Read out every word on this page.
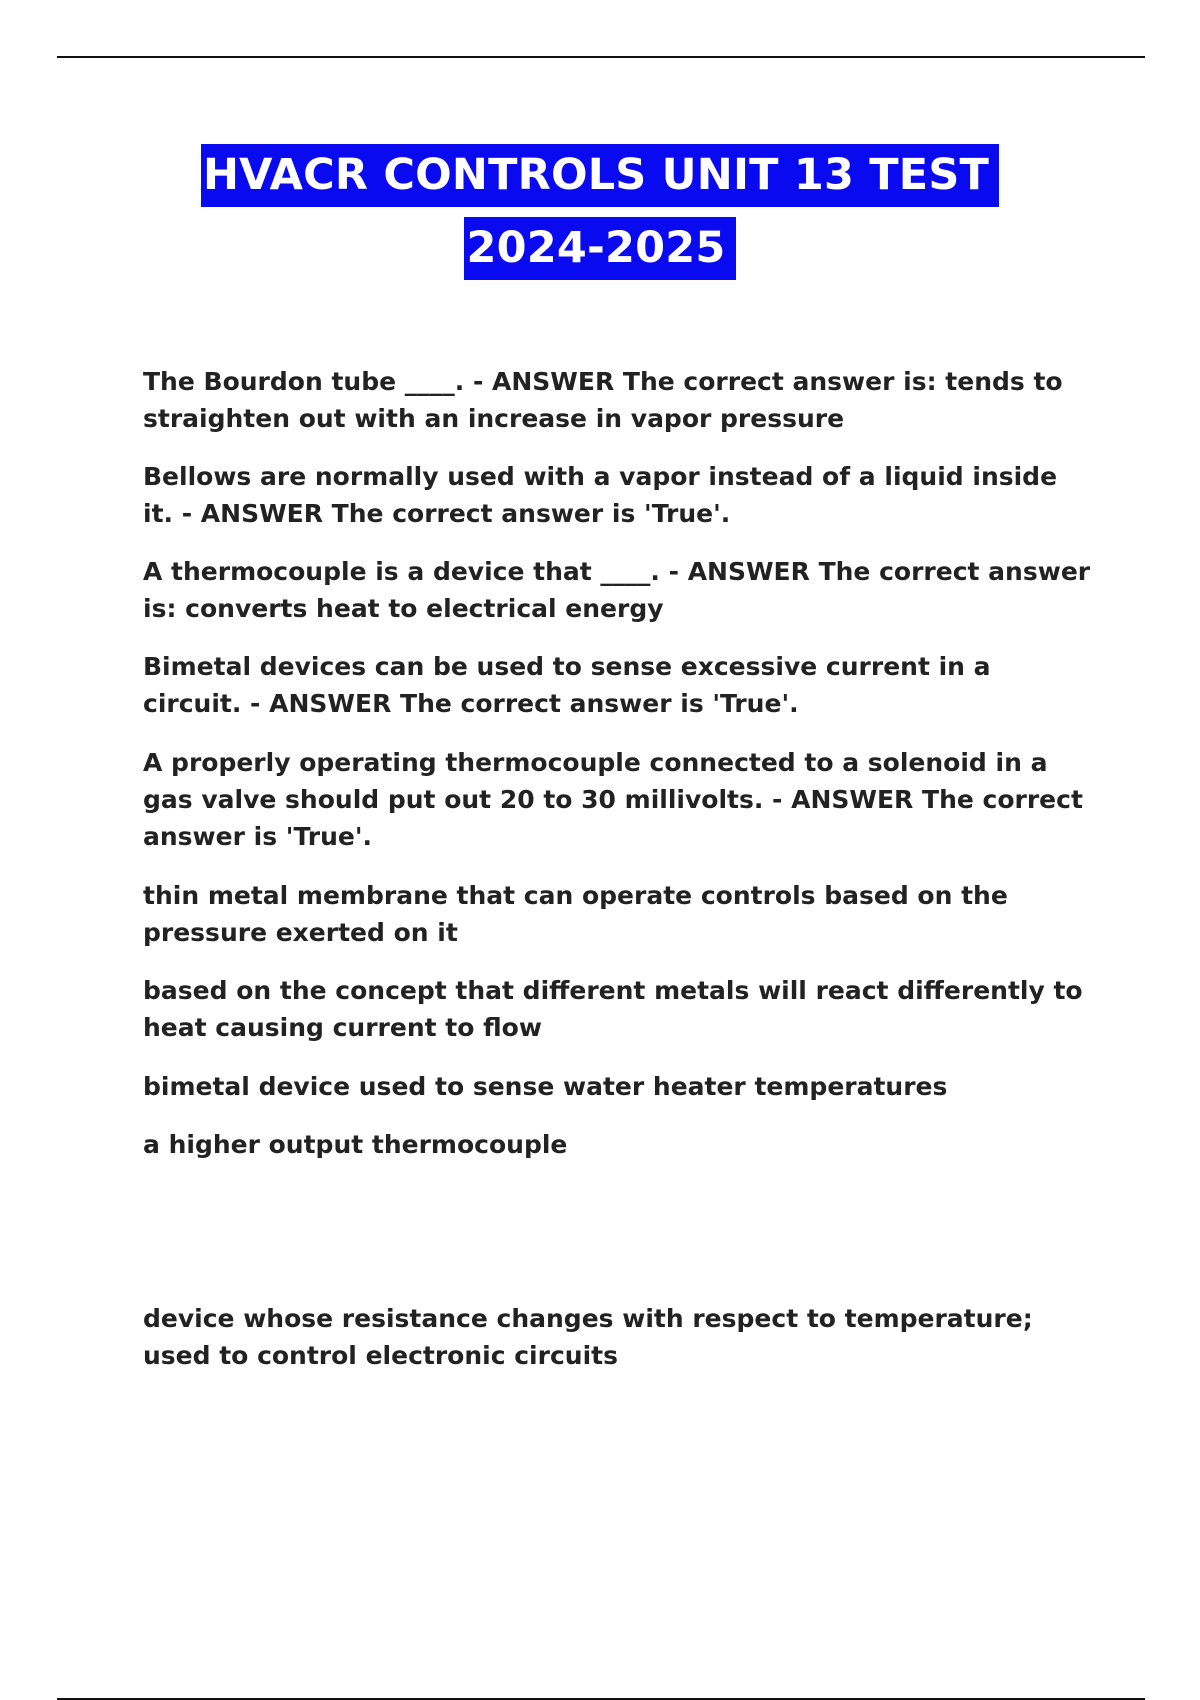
HVACR CONTROLS UNIT 13 TEST
2024-2025

The Bourdon tube ____. - ANSWER The correct answer is: tends to straighten out with an increase in vapor pressure

Bellows are normally used with a vapor instead of a liquid inside it. - ANSWER The correct answer is 'True'.

A thermocouple is a device that ____. - ANSWER The correct answer is: converts heat to electrical energy

Bimetal devices can be used to sense excessive current in a circuit. - ANSWER The correct answer is 'True'.

A properly operating thermocouple connected to a solenoid in a gas valve should put out 20 to 30 millivolts. - ANSWER The correct answer is 'True'.

thin metal membrane that can operate controls based on the pressure exerted on it

based on the concept that different metals will react differently to heat causing current to flow

bimetal device used to sense water heater temperatures

a higher output thermocouple

device whose resistance changes with respect to temperature; used to control electronic circuits
